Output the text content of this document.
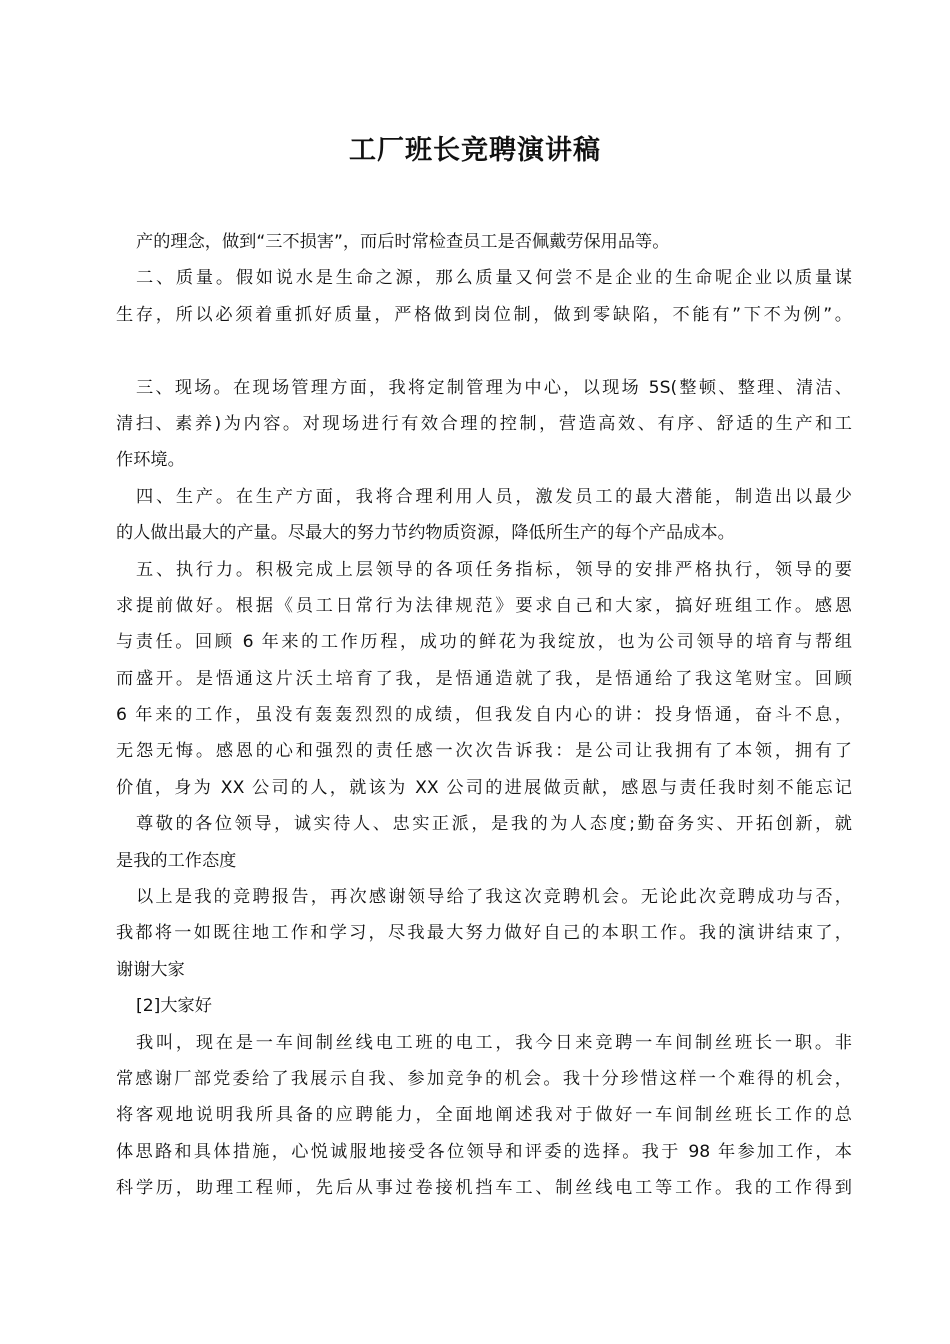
工厂班长竞聘演讲稿
产的理念，做到“三不损害”，而后时常检查员工是否佩戴劳保用品等。
二、质量。假如说水是生命之源，那么质量又何尝不是企业的生命呢企业以质量谋
生存，所以必须着重抓好质量，严格做到岗位制，做到零缺陷，不能有”下不为例”。
三、现场。在现场管理方面，我将定制管理为中心，以现场 5S(整顿、整理、清洁、
清扫、素养)为内容。对现场进行有效合理的控制，营造高效、有序、舒适的生产和工
作环境。
四、生产。在生产方面，我将合理利用人员，激发员工的最大潜能，制造出以最少
的人做出最大的产量。尽最大的努力节约物质资源，降低所生产的每个产品成本。
五、执行力。积极完成上层领导的各项任务指标，领导的安排严格执行，领导的要
求提前做好。根据《员工日常行为法律规范》要求自己和大家，搞好班组工作。感恩
与责任。回顾 6 年来的工作历程，成功的鲜花为我绽放，也为公司领导的培育与帮组
而盛开。是悟通这片沃土培育了我，是悟通造就了我，是悟通给了我这笔财宝。回顾
6 年来的工作，虽没有轰轰烈烈的成绩，但我发自内心的讲：投身悟通，奋斗不息，
无怨无悔。感恩的心和强烈的责任感一次次告诉我：是公司让我拥有了本领，拥有了
价值，身为 XX 公司的人，就该为 XX 公司的进展做贡献，感恩与责任我时刻不能忘记
尊敬的各位领导，诚实待人、忠实正派，是我的为人态度;勤奋务实、开拓创新，就
是我的工作态度
以上是我的竞聘报告，再次感谢领导给了我这次竞聘机会。无论此次竞聘成功与否，
我都将一如既往地工作和学习，尽我最大努力做好自己的本职工作。我的演讲结束了，
谢谢大家
[2]大家好
我叫，现在是一车间制丝线电工班的电工，我今日来竞聘一车间制丝班长一职。非
常感谢厂部党委给了我展示自我、参加竞争的机会。我十分珍惜这样一个难得的机会，
将客观地说明我所具备的应聘能力，全面地阐述我对于做好一车间制丝班长工作的总
体思路和具体措施，心悦诚服地接受各位领导和评委的选择。我于 98 年参加工作，本
科学历，助理工程师，先后从事过卷接机挡车工、制丝线电工等工作。我的工作得到
